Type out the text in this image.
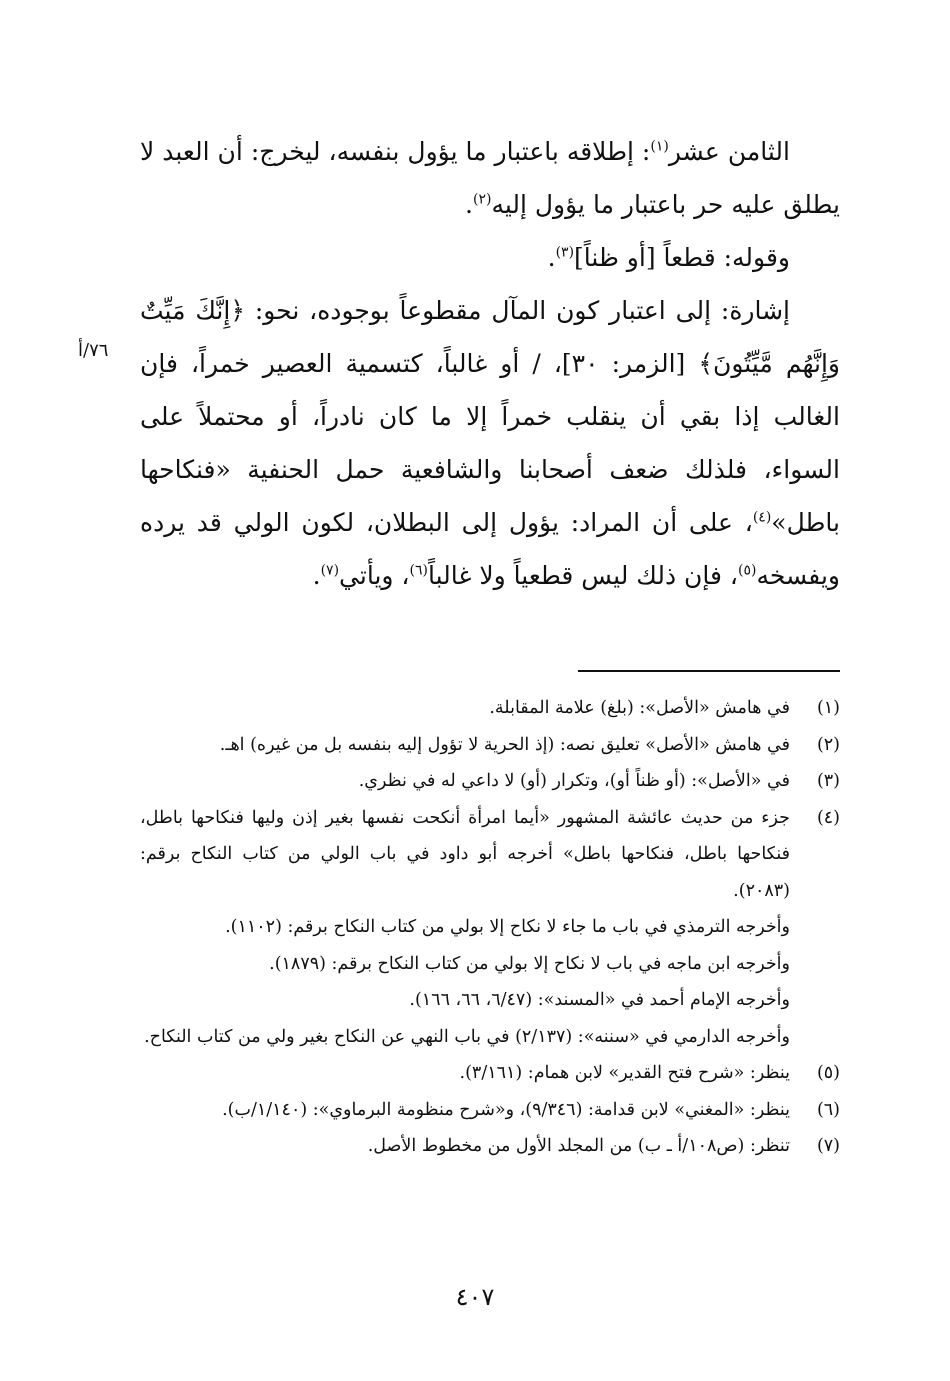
الثامن عشر$^{(١)}$: إطلاقه باعتبار ما يؤول بنفسه، ليخرج: أن العبد لا يطلق عليه حر باعتبار ما يؤول إليه$^{(٢)}$.

وقوله: قطعاً [أو ظناً]$^{(٣)}$.

إشارة: إلى اعتبار كون المآل مقطوعاً بوجوده، نحو: ﴿إِنَّكَ مَيِّتٌ وَإِنَّهُم مَّيِّتُونَ﴾ [الزمر: ٣٠]، / أو غالباً، كتسمية العصير خمراً، فإن الغالب إذا بقي أن ينقلب خمراً إلا ما كان نادراً، أو محتملاً على السواء، فلذلك ضعف أصحابنا والشافعية حمل الحنفية «فنكاحها باطل»$^{(٤)}$، على أن المراد: يؤول إلى البطلان، لكون الولي قد يرده ويفسخه$^{(٥)}$، فإن ذلك ليس قطعياً ولا غالباً$^{(٦)}$، ويأتي$^{(٧)}$.

٧٦/أ
(١)
في هامش «الأصل»: (بلغ) علامة المقابلة.
(٢)
في هامش «الأصل» تعليق نصه: (إذ الحرية لا تؤول إليه بنفسه بل من غيره) اهـ.
(٣)
في «الأصل»: (أو ظناً أو)، وتكرار (أو) لا داعي له في نظري.
(٤)
جزء من حديث عائشة المشهور «أيما امرأة أنكحت نفسها بغير إذن وليها فنكاحها باطل، فنكاحها باطل، فنكاحها باطل» أخرجه أبو داود في باب الولي من كتاب النكاح برقم: (٢٠٨٣).
وأخرجه الترمذي في باب ما جاء لا نكاح إلا بولي من كتاب النكاح برقم: (١١٠٢).
وأخرجه ابن ماجه في باب لا نكاح إلا بولي من كتاب النكاح برقم: (١٨٧٩).
وأخرجه الإمام أحمد في «المسند»: (٦/٤٧، ٦٦، ١٦٦).
وأخرجه الدارمي في «سننه»: (٢/١٣٧) في باب النهي عن النكاح بغير ولي من كتاب النكاح.
(٥)
ينظر: «شرح فتح القدير» لابن همام: (٣/١٦١).
(٦)
ينظر: «المغني» لابن قدامة: (٩/٣٤٦)، و«شرح منظومة البرماوي»: (١/١٤٠/ب).
(٧)
تنظر: (ص١٠٨/أ ـ ب) من المجلد الأول من مخطوط الأصل.
٤٠٧
